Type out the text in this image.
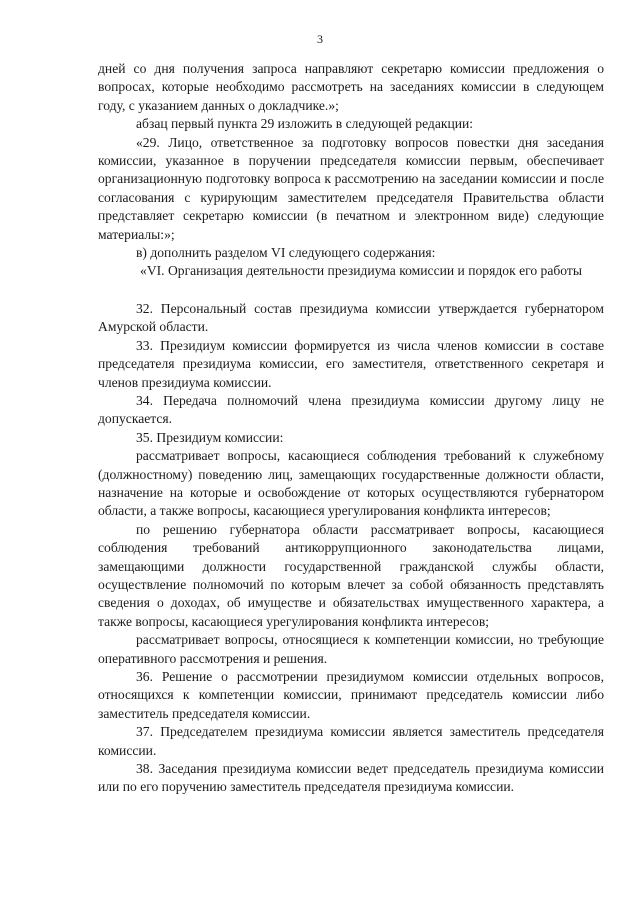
3

дней со дня получения запроса направляют секретарю комиссии предложения о вопросах, которые необходимо рассмотреть на заседаниях комиссии в следующем году, с указанием данных о докладчике.»;

абзац первый пункта 29 изложить в следующей редакции:

«29. Лицо, ответственное за подготовку вопросов повестки дня заседания комиссии, указанное в поручении председателя комиссии первым, обеспечивает организационную подготовку вопроса к рассмотрению на заседании комиссии и после согласования с курирующим заместителем председателя Правительства области представляет секретарю комиссии (в печатном и электронном виде) следующие материалы:»;

в) дополнить разделом VI следующего содержания:

«VI. Организация деятельности президиума комиссии и порядок его работы

32. Персональный состав президиума комиссии утверждается губернатором Амурской области.

33. Президиум комиссии формируется из числа членов комиссии в составе председателя президиума комиссии, его заместителя, ответственного секретаря и членов президиума комиссии.

34. Передача полномочий члена президиума комиссии другому лицу не допускается.

35. Президиум комиссии:

рассматривает вопросы, касающиеся соблюдения требований к служебному (должностному) поведению лиц, замещающих государственные должности области, назначение на которые и освобождение от которых осуществляются губернатором области, а также вопросы, касающиеся урегулирования конфликта интересов;

по решению губернатора области рассматривает вопросы, касающиеся соблюдения требований антикоррупционного законодательства лицами, замещающими должности государственной гражданской службы области, осуществление полномочий по которым влечет за собой обязанность представлять сведения о доходах, об имуществе и обязательствах имущественного характера, а также вопросы, касающиеся урегулирования конфликта интересов;

рассматривает вопросы, относящиеся к компетенции комиссии, но требующие оперативного рассмотрения и решения.

36. Решение о рассмотрении президиумом комиссии отдельных вопросов, относящихся к компетенции комиссии, принимают председатель комиссии либо заместитель председателя комиссии.

37. Председателем президиума комиссии является заместитель председателя комиссии.

38. Заседания президиума комиссии ведет председатель президиума комиссии или по его поручению заместитель председателя президиума комиссии.
